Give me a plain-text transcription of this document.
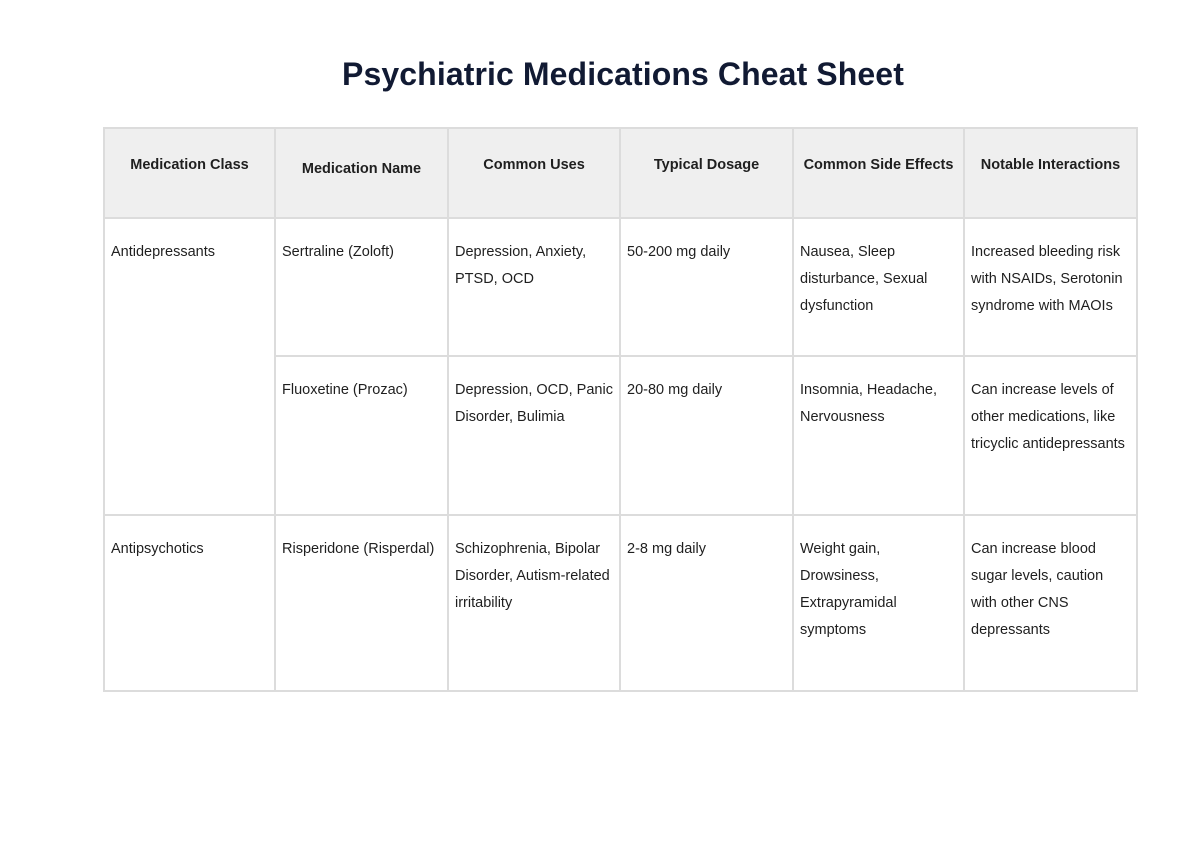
Psychiatric Medications Cheat Sheet
Medication Class	Medication Name	Common Uses	Typical Dosage	Common Side Effects	Notable Interactions
Antidepressants	Sertraline (Zoloft)	Depression, Anxiety, PTSD, OCD	50-200 mg daily	Nausea, Sleep disturbance, Sexual dysfunction	Increased bleeding risk with NSAIDs, Serotonin syndrome with MAOIs
	Fluoxetine (Prozac)	Depression, OCD, Panic Disorder, Bulimia	20-80 mg daily	Insomnia, Headache, Nervousness	Can increase levels of other medications, like tricyclic antidepressants
Antipsychotics	Risperidone (Risperdal)	Schizophrenia, Bipolar Disorder, Autism-related irritability	2-8 mg daily	Weight gain, Drowsiness, Extrapyramidal symptoms	Can increase blood sugar levels, caution with other CNS depressants
